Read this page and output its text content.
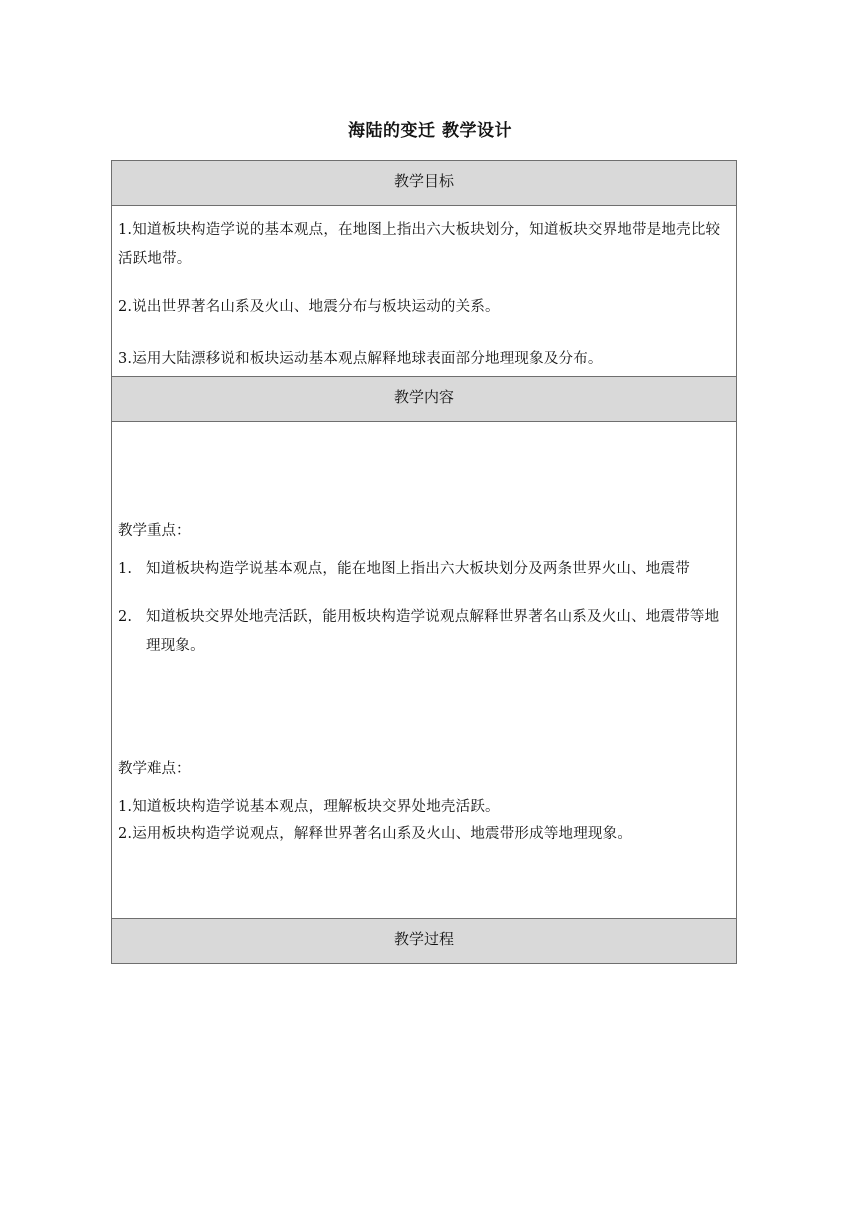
海陆的变迁 教学设计
教学目标

1.知道板块构造学说的基本观点，在地图上指出六大板块划分，知道板块交界地带是地壳比较活跃地带。

2.说出世界著名山系及火山、地震分布与板块运动的关系。

3.运用大陆漂移说和板块运动基本观点解释地球表面部分地理现象及分布。

教学内容

教学重点：

1. 知道板块构造学说基本观点，能在地图上指出六大板块划分及两条世界火山、地震带
2. 知道板块交界处地壳活跃，能用板块构造学说观点解释世界著名山系及火山、地震带等地理现象。

教学难点：

1.知道板块构造学说基本观点，理解板块交界处地壳活跃。

2.运用板块构造学说观点，解释世界著名山系及火山、地震带形成等地理现象。

教学过程
